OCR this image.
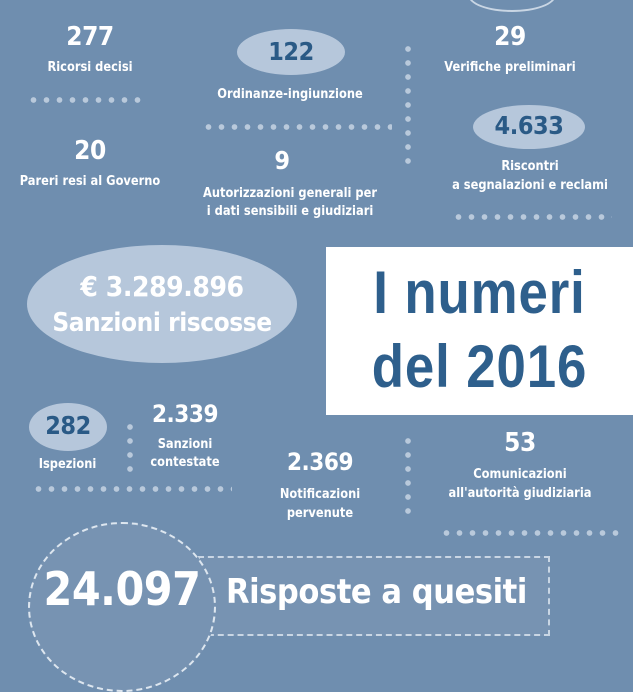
277
Ricorsi decisi
122
Ordinanze-ingiunzione
29
Verifiche preliminari
4.633
Riscontri
a segnalazioni e reclami
20
Pareri resi al Governo
9
Autorizzazioni generali per
i dati sensibili e giudiziari
€ 3.289.896
Sanzioni riscosse	I numeri
del 2016
282
Ispezioni
2.339
Sanzioni
contestate	2.369
Notificazioni
pervenute
53
Comunicazioni
all'autorità giudiziaria
Risposte a quesiti
24.097
